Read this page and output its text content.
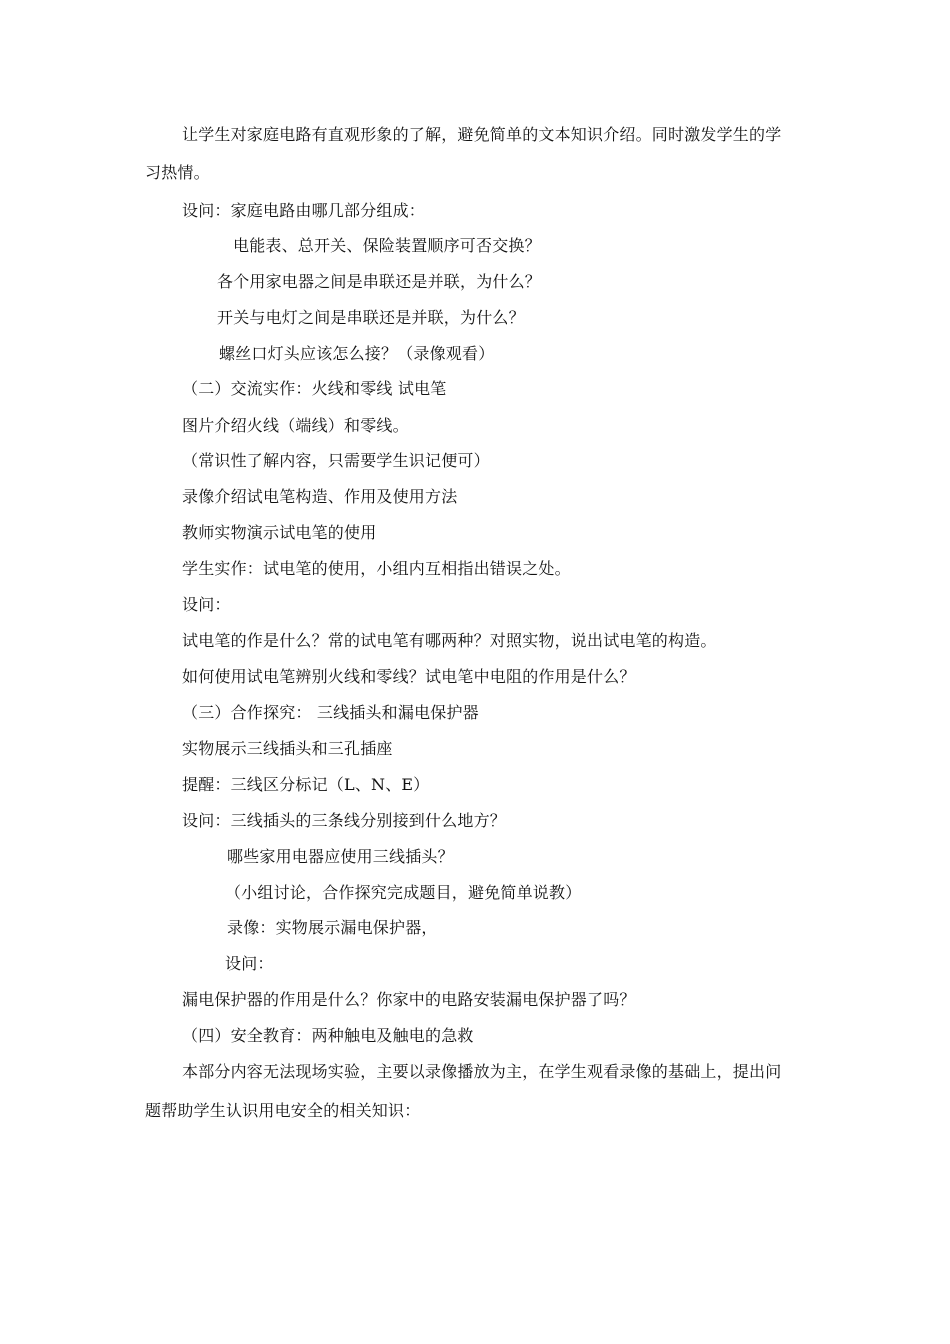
让学生对家庭电路有直观形象的了解，避免简单的文本知识介绍。同时激发学生的学
习热情。
设问：家庭电路由哪几部分组成：
电能表、总开关、保险装置顺序可否交换？
各个用家电器之间是串联还是并联，为什么？
开关与电灯之间是串联还是并联，为什么？
螺丝口灯头应该怎么接？（录像观看）
（二）交流实作：火线和零线 试电笔
图片介绍火线（端线）和零线。
（常识性了解内容，只需要学生识记便可）
录像介绍试电笔构造、作用及使用方法
教师实物演示试电笔的使用
学生实作：试电笔的使用，小组内互相指出错误之处。
设问：
试电笔的作是什么？常的试电笔有哪两种？对照实物，说出试电笔的构造。
如何使用试电笔辨别火线和零线？试电笔中电阻的作用是什么？
（三）合作探究： 三线插头和漏电保护器
实物展示三线插头和三孔插座
提醒：三线区分标记（L、N、E）
设问：三线插头的三条线分别接到什么地方？
哪些家用电器应使用三线插头？
（小组讨论，合作探究完成题目，避免简单说教）
录像：实物展示漏电保护器，
设问：
漏电保护器的作用是什么？你家中的电路安装漏电保护器了吗？
（四）安全教育：两种触电及触电的急救
本部分内容无法现场实验，主要以录像播放为主，在学生观看录像的基础上，提出问
题帮助学生认识用电安全的相关知识：
